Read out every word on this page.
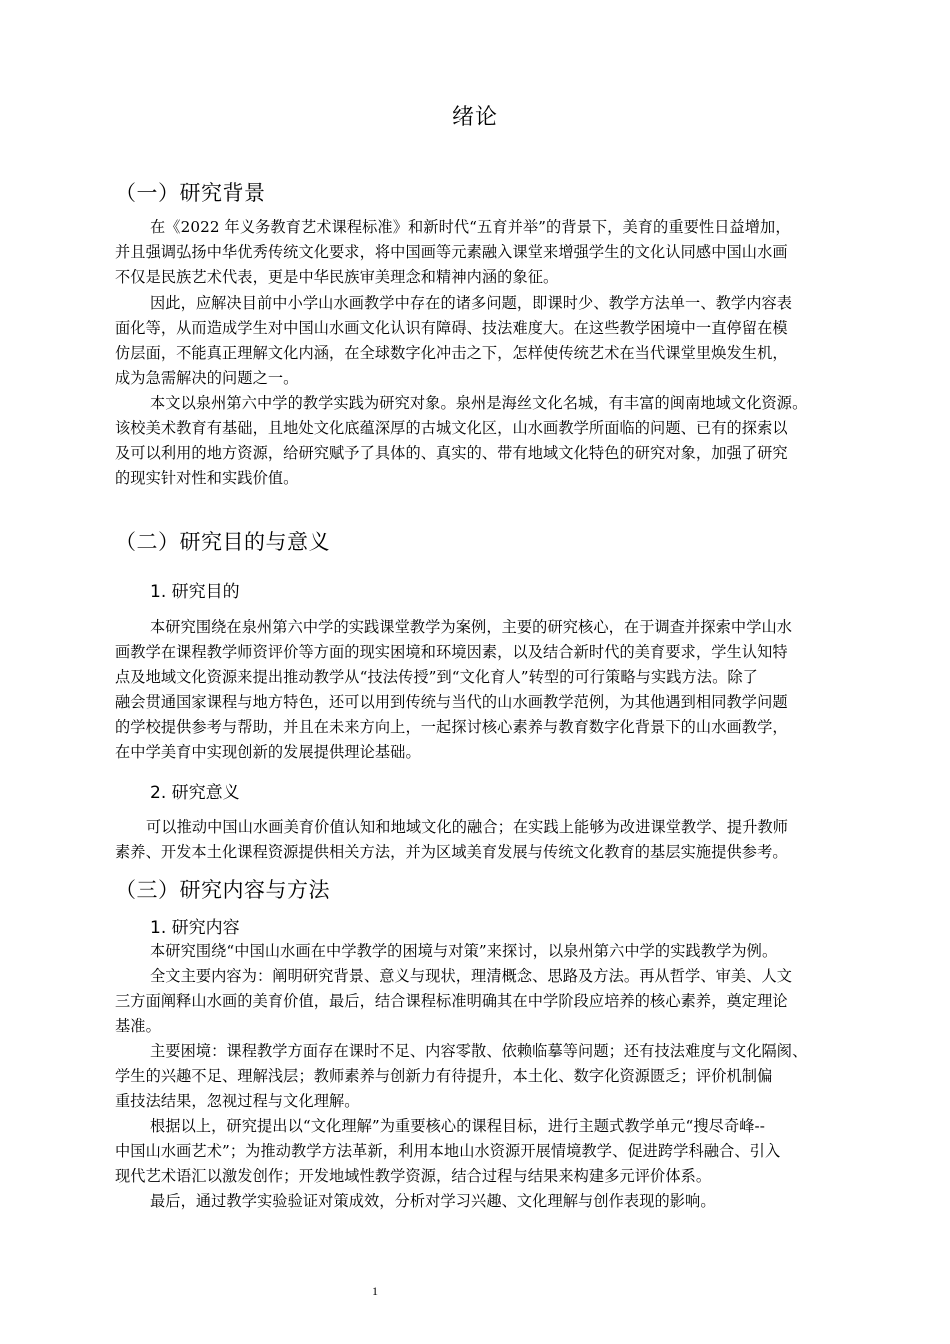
绪论
（一）研究背景
在《2022 年义务教育艺术课程标准》和新时代“五育并举”的背景下，美育的重要性日益增加，
并且强调弘扬中华优秀传统文化要求，将中国画等元素融入课堂来增强学生的文化认同感中国山水画
不仅是民族艺术代表，更是中华民族审美理念和精神内涵的象征。
因此，应解决目前中小学山水画教学中存在的诸多问题，即课时少、教学方法单一、教学内容表
面化等，从而造成学生对中国山水画文化认识有障碍、技法难度大。在这些教学困境中一直停留在模
仿层面，不能真正理解文化内涵，在全球数字化冲击之下，怎样使传统艺术在当代课堂里焕发生机，
成为急需解决的问题之一。
本文以泉州第六中学的教学实践为研究对象。泉州是海丝文化名城，有丰富的闽南地域文化资源。
该校美术教育有基础，且地处文化底蕴深厚的古城文化区，山水画教学所面临的问题、已有的探索以
及可以利用的地方资源，给研究赋予了具体的、真实的、带有地域文化特色的研究对象，加强了研究
的现实针对性和实践价值。
（二）研究目的与意义
1. 研究目的
本研究围绕在泉州第六中学的实践课堂教学为案例，主要的研究核心，在于调查并探索中学山水
画教学在课程教学师资评价等方面的现实困境和环境因素，以及结合新时代的美育要求，学生认知特
点及地域文化资源来提出推动教学从“技法传授”到“文化育人”转型的可行策略与实践方法。除了
融会贯通国家课程与地方特色，还可以用到传统与当代的山水画教学范例，为其他遇到相同教学问题
的学校提供参考与帮助，并且在未来方向上，一起探讨核心素养与教育数字化背景下的山水画教学，
在中学美育中实现创新的发展提供理论基础。
2. 研究意义
可以推动中国山水画美育价值认知和地域文化的融合；在实践上能够为改进课堂教学、提升教师
素养、开发本土化课程资源提供相关方法，并为区域美育发展与传统文化教育的基层实施提供参考。
（三）研究内容与方法
1. 研究内容
本研究围绕“中国山水画在中学教学的困境与对策”来探讨，以泉州第六中学的实践教学为例。
全文主要内容为：阐明研究背景、意义与现状，理清概念、思路及方法。再从哲学、审美、人文
三方面阐释山水画的美育价值，最后，结合课程标准明确其在中学阶段应培养的核心素养，奠定理论
基准。
主要困境：课程教学方面存在课时不足、内容零散、依赖临摹等问题；还有技法难度与文化隔阂、
学生的兴趣不足、理解浅层；教师素养与创新力有待提升，本土化、数字化资源匮乏；评价机制偏
重技法结果，忽视过程与文化理解。
根据以上，研究提出以“文化理解”为重要核心的课程目标，进行主题式教学单元“搜尽奇峰--
中国山水画艺术”；为推动教学方法革新，利用本地山水资源开展情境教学、促进跨学科融合、引入
现代艺术语汇以激发创作；开发地域性教学资源，结合过程与结果来构建多元评价体系。
最后，通过教学实验验证对策成效，分析对学习兴趣、文化理解与创作表现的影响。
1
